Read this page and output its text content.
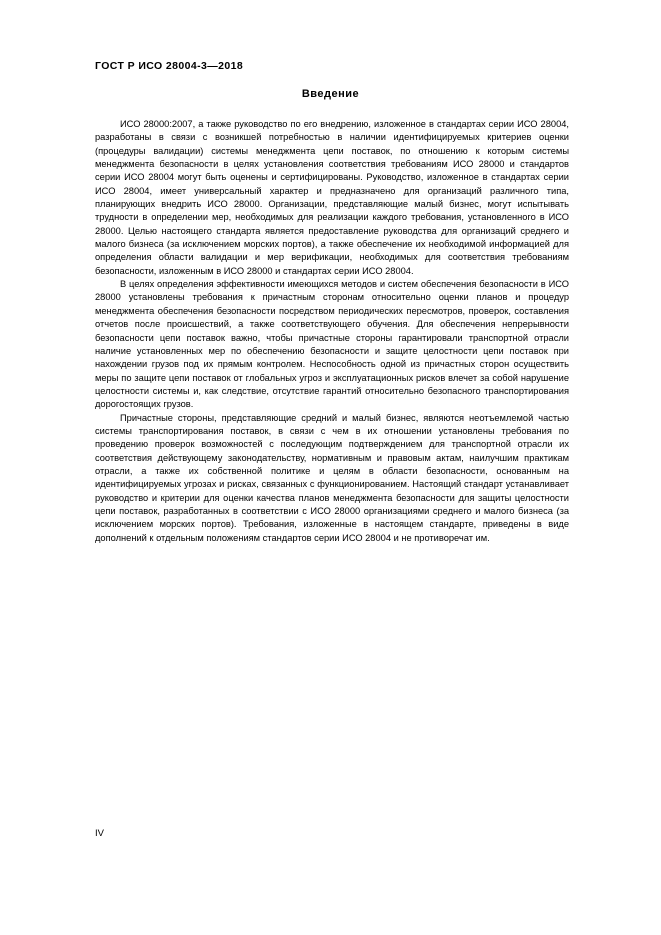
ГОСТ Р ИСО 28004-3—2018
Введение

ИСО 28000:2007, а также руководство по его внедрению, изложенное в стандартах серии ИСО 28004, разработаны в связи с возникшей потребностью в наличии идентифицируемых критериев оценки (процедуры валидации) системы менеджмента цепи поставок, по отношению к которым системы менеджмента безопасности в целях установления соответствия требованиям ИСО 28000 и стандартов серии ИСО 28004 могут быть оценены и сертифицированы. Руководство, изложенное в стандартах серии ИСО 28004, имеет универсальный характер и предназначено для организаций различного типа, планирующих внедрить ИСО 28000. Организации, представляющие малый бизнес, могут испытывать трудности в определении мер, необходимых для реализации каждого требования, установленного в ИСО 28000. Целью настоящего стандарта является предоставление руководства для организаций среднего и малого бизнеса (за исключением морских портов), а также обеспечение их необходимой информацией для определения области валидации и мер верификации, необходимых для соответствия требованиям безопасности, изложенным в ИСО 28000 и стандартах серии ИСО 28004.

В целях определения эффективности имеющихся методов и систем обеспечения безопасности в ИСО 28000 установлены требования к причастным сторонам относительно оценки планов и процедур менеджмента обеспечения безопасности посредством периодических пересмотров, проверок, составления отчетов после происшествий, а также соответствующего обучения. Для обеспечения непрерывности безопасности цепи поставок важно, чтобы причастные стороны гарантировали транспортной отрасли наличие установленных мер по обеспечению безопасности и защите целостности цепи поставок при нахождении грузов под их прямым контролем. Неспособность одной из причастных сторон осуществить меры по защите цепи поставок от глобальных угроз и эксплуатационных рисков влечет за собой нарушение целостности системы и, как следствие, отсутствие гарантий относительно безопасного транспортирования дорогостоящих грузов.

Причастные стороны, представляющие средний и малый бизнес, являются неотъемлемой частью системы транспортирования поставок, в связи с чем в их отношении установлены требования по проведению проверок возможностей с последующим подтверждением для транспортной отрасли их соответствия действующему законодательству, нормативным и правовым актам, наилучшим практикам отрасли, а также их собственной политике и целям в области безопасности, основанным на идентифицируемых угрозах и рисках, связанных с функционированием. Настоящий стандарт устанавливает руководство и критерии для оценки качества планов менеджмента безопасности для защиты целостности цепи поставок, разработанных в соответствии с ИСО 28000 организациями среднего и малого бизнеса (за исключением морских портов). Требования, изложенные в настоящем стандарте, приведены в виде дополнений к отдельным положениям стандартов серии ИСО 28004 и не противоречат им.

IV
